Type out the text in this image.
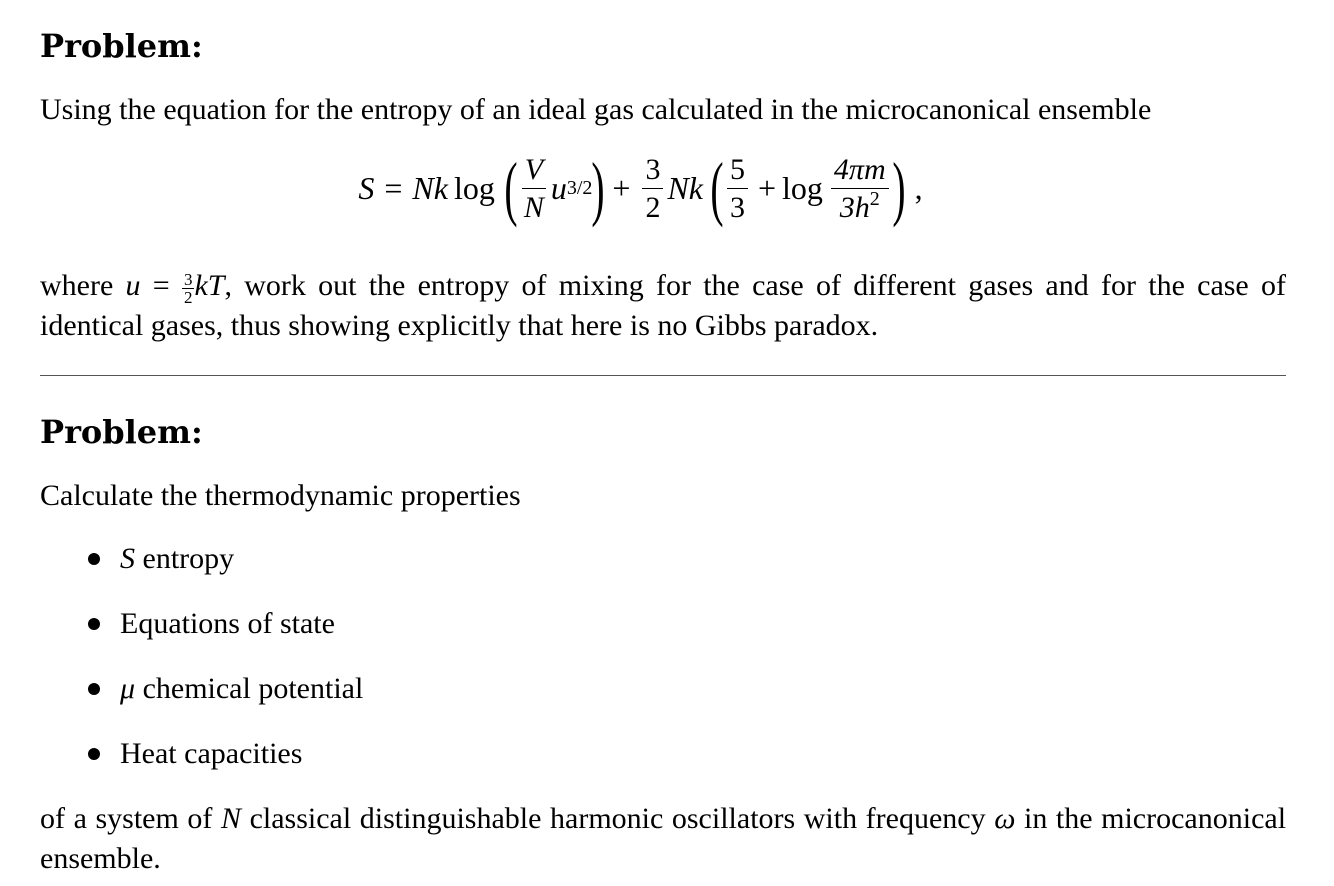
Problem:

Using the equation for the entropy of an ideal gas calculated in the microcanonical ensemble

S = Nk log ( $\frac{V}{N}$ u 3/2 ) + $\frac{3}{2}$ Nk ( $\frac{5}{3} + \log \frac{4\pi m}{3h^2}$ ) ,

where $u = \frac{3}{2}$ kT, work out the entropy of mixing for the case of different gases and for the case of identical gases, thus showing explicitly that here is no Gibbs paradox.

Problem:

Calculate the thermodynamic properties

S entropy
Equations of state
μ chemical potential
Heat capacities

of a system of N classical distinguishable harmonic oscillators with frequency ω in the microcanonical ensemble.
